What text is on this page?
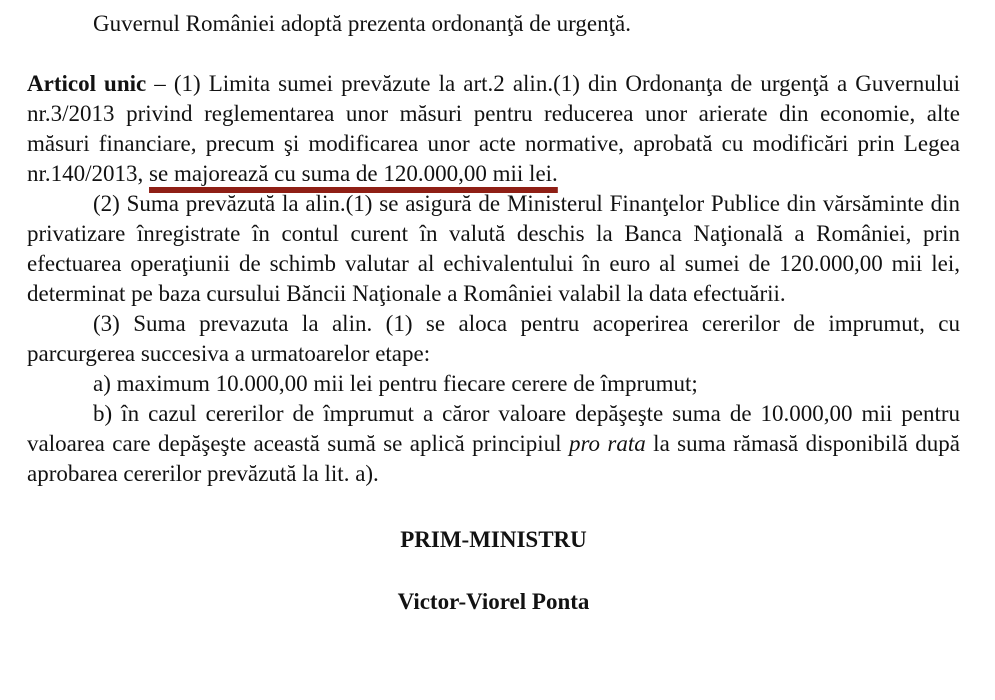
Guvernul României adoptă prezenta ordonanţă de urgenţă.

Articol unic – (1) Limita sumei prevăzute la art.2 alin.(1) din Ordonanţa de urgenţă a Guvernului nr.3/2013 privind reglementarea unor măsuri pentru reducerea unor arierate din economie, alte măsuri financiare, precum şi modificarea unor acte normative, aprobată cu modificări prin Legea nr.140/2013, se majorează cu suma de 120.000,00 mii lei.

(2) Suma prevăzută la alin.(1) se asigură de Ministerul Finanţelor Publice din vărsăminte din privatizare înregistrate în contul curent în valută deschis la Banca Naţională a României, prin efectuarea operaţiunii de schimb valutar al echivalentului în euro al sumei de 120.000,00 mii lei, determinat pe baza cursului Băncii Naţionale a României valabil la data efectuării.

(3) Suma prevazuta la alin. (1) se aloca pentru acoperirea cererilor de imprumut, cu parcurgerea succesiva a urmatoarelor etape:

a) maximum 10.000,00 mii lei pentru fiecare cerere de împrumut;

b) în cazul cererilor de împrumut a căror valoare depăşeşte suma de 10.000,00 mii pentru valoarea care depăşeşte această sumă se aplică principiul pro rata la suma rămasă disponibilă după aprobarea cererilor prevăzută la lit. a).

PRIM-MINISTRU

Victor-Viorel Ponta
